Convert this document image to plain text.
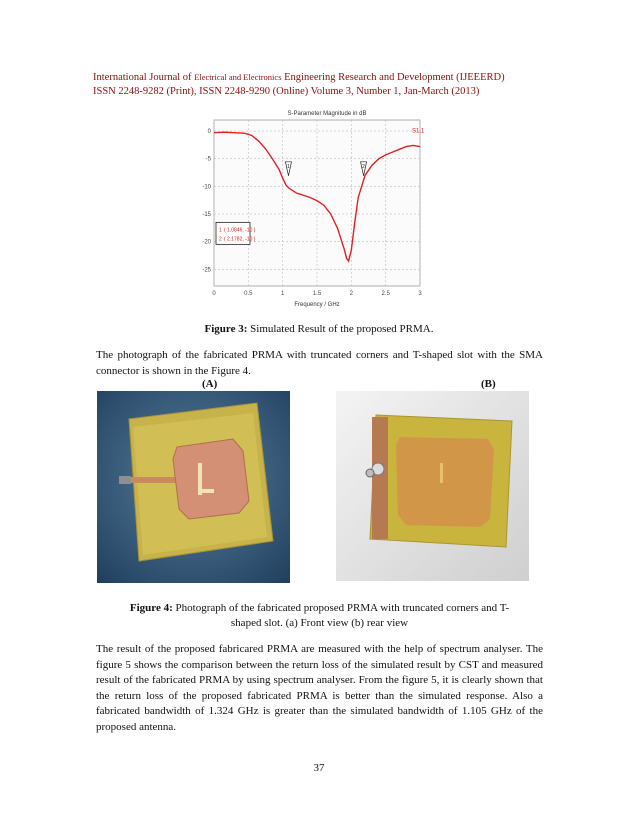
International Journal of Electrical and Electronics Engineering Research and Development (IJEEERD)
ISSN 2248-9282 (Print), ISSN 2248-9290 (Online) Volume 3, Number 1, Jan-March (2013)
0	0.5	1	1.5	2	2.5	3
0
-5
-10
-15
-20
-25
S-Parameter Magnitude in dB
Frequency / GHz
S1,1
1	2
1 ( 1.0846, -10 )
2 ( 2.1782, -10 )
Figure 3: Simulated Result of the proposed PRMA.
The photograph of the fabricated PRMA with truncated corners and T-shaped slot with the SMA connector is shown in the Figure 4.
(A)	(B)
Figure 4: Photograph of the fabricated proposed PRMA with truncated corners and T-
shaped slot. (a) Front view (b) rear view
The result of the proposed fabricared PRMA are measured with the help of spectrum analyser. The figure 5 shows the comparison between the return loss of the simulated result by CST and measured result of the fabricated PRMA by using spectrum analyser. From the figure 5, it is clearly shown that the return loss of the proposed fabricated PRMA is better than the simulated response. Also a fabricated bandwidth of 1.324 GHz is greater than the simulated bandwidth of 1.105 GHz of the proposed antenna.
37
